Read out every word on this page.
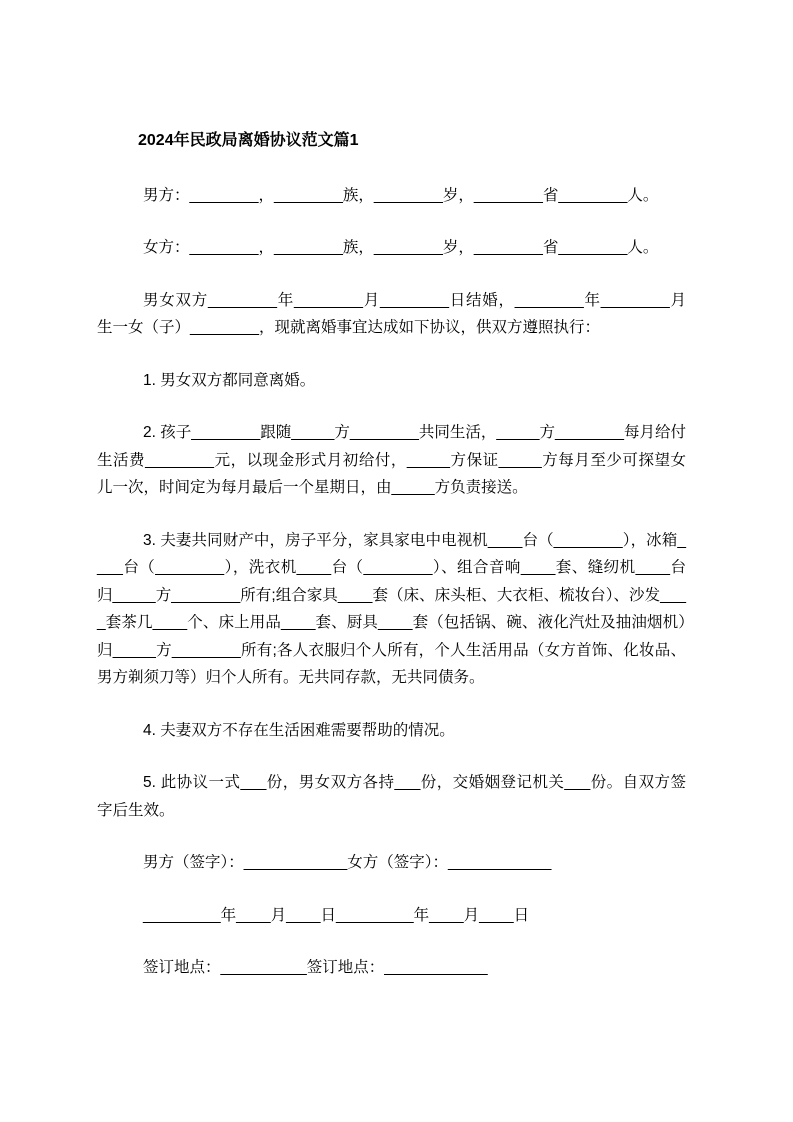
2024年民政局离婚协议范文篇1

男方：________，________族，________岁，________省________人。

女方：________，________族，________岁，________省________人。

男女双方________年________月________日结婚，________年________月生一女（子）________，现就离婚事宜达成如下协议，供双方遵照执行：

1. 男女双方都同意离婚。

2. 孩子________跟随_____方________共同生活，_____方________每月给付生活费________元，以现金形式月初给付，_____方保证_____方每月至少可探望女儿一次，时间定为每月最后一个星期日，由_____方负责接送。

3. 夫妻共同财产中，房子平分，家具家电中电视机____台（________），冰箱____台（________），洗衣机____台（________）、组合音响____套、缝纫机____台归_____方________所有;组合家具____套（床、床头柜、大衣柜、梳妆台）、沙发____套茶几____个、床上用品____套、厨具____套（包括锅、碗、液化汽灶及抽油烟机）归_____方________所有;各人衣服归个人所有，个人生活用品（女方首饰、化妆品、男方剃须刀等）归个人所有。无共同存款，无共同债务。

4. 夫妻双方不存在生活困难需要帮助的情况。

5. 此协议一式___份，男女双方各持___份，交婚姻登记机关___份。自双方签字后生效。

男方（签字）：____________女方（签字）：____________

_________年____月____日_________年____月____日

签订地点：__________签订地点：____________
